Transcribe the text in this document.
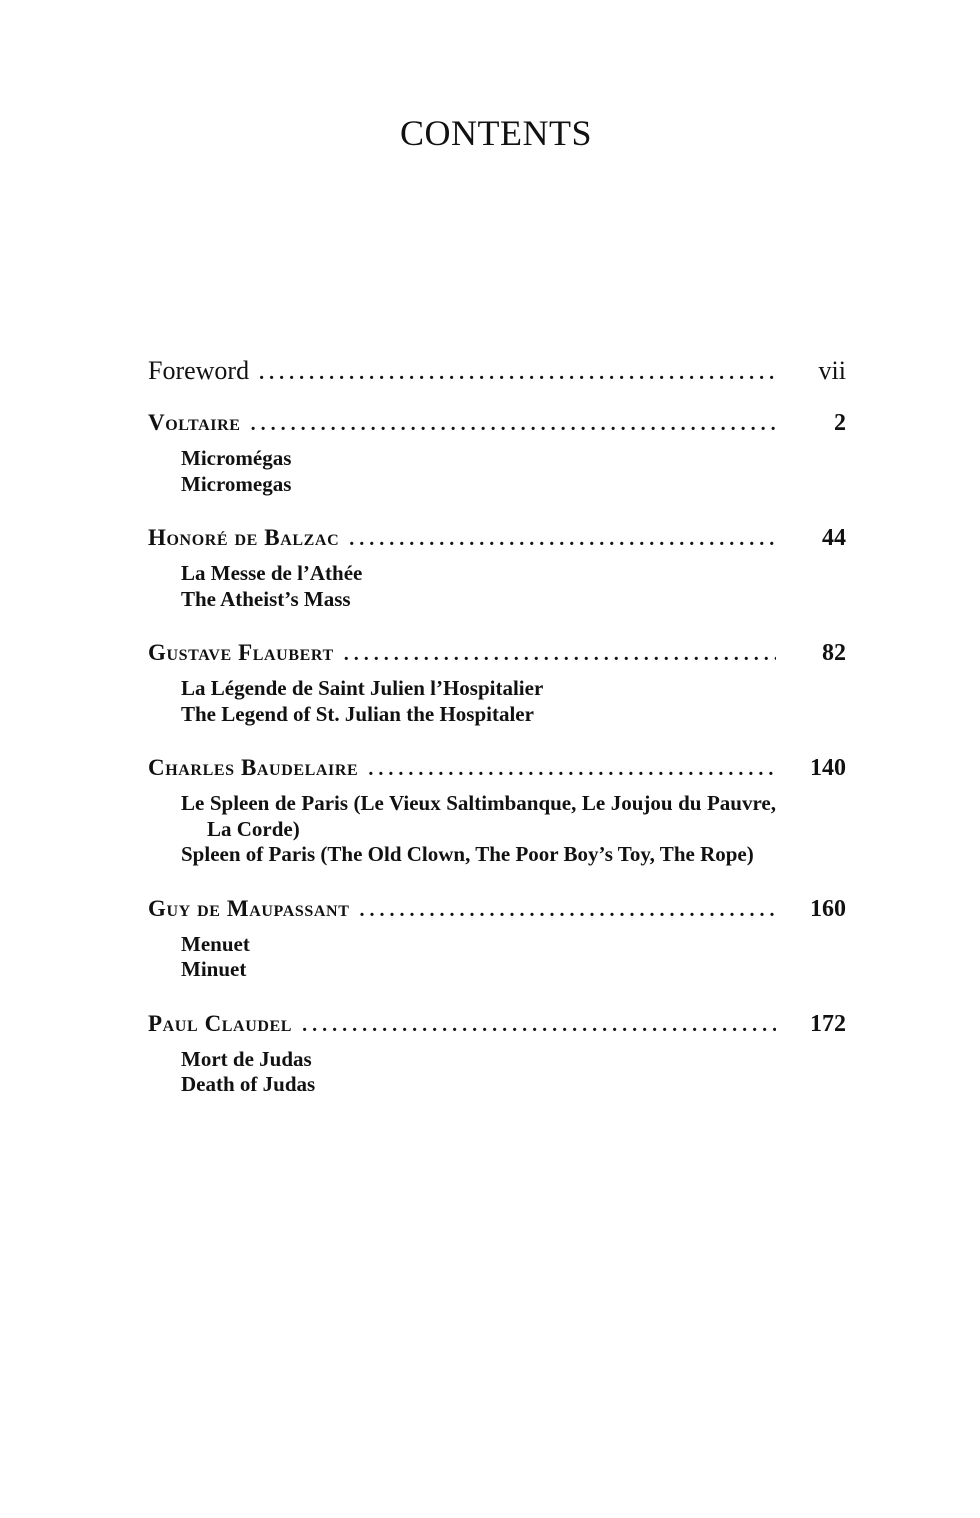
CONTENTS
Foreword . . .	vii
Voltaire . . .	2
Micromégas
Micromegas
Honoré de Balzac . . .	44
La Messe de l’Athée
The Atheist’s Mass
Gustave Flaubert . . .	82
La Légende de Saint Julien l’Hospitalier
The Legend of St. Julian the Hospitaler
Charles Baudelaire . . .	140
Le Spleen de Paris (Le Vieux Saltimbanque, Le Joujou du Pauvre, La Corde)
Spleen of Paris (The Old Clown, The Poor Boy’s Toy, The Rope)
Guy de Maupassant . . .	160
Menuet
Minuet
Paul Claudel . . .	172
Mort de Judas
Death of Judas
